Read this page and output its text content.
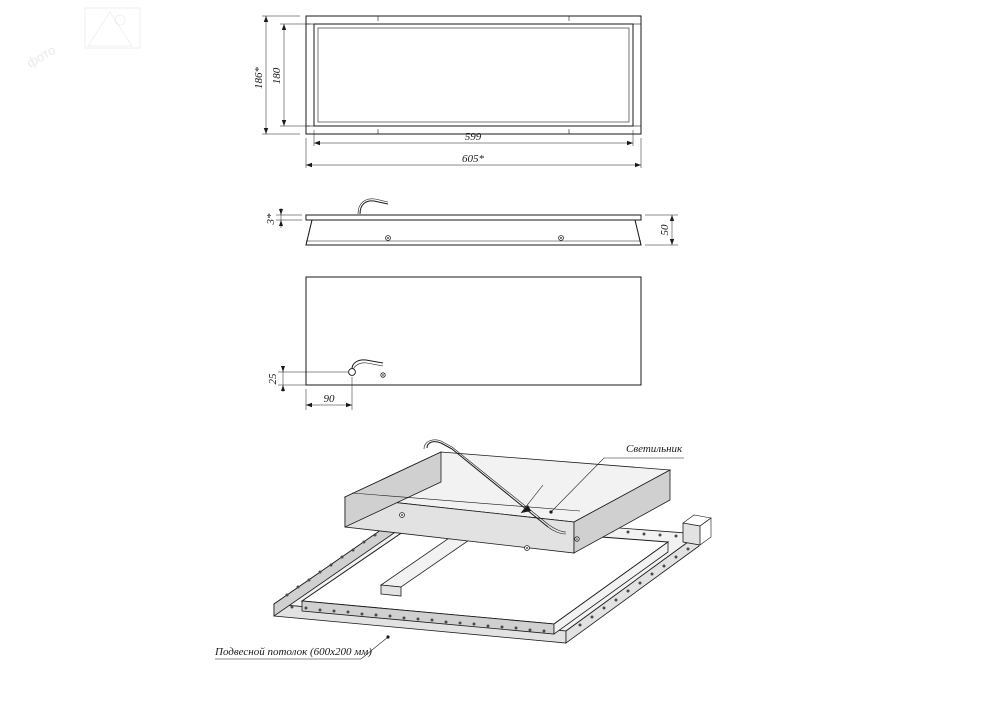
фото
186* 180
599
605*
3*
50
25
90
Светильник
Подвесной потолок (600x200 мм)
